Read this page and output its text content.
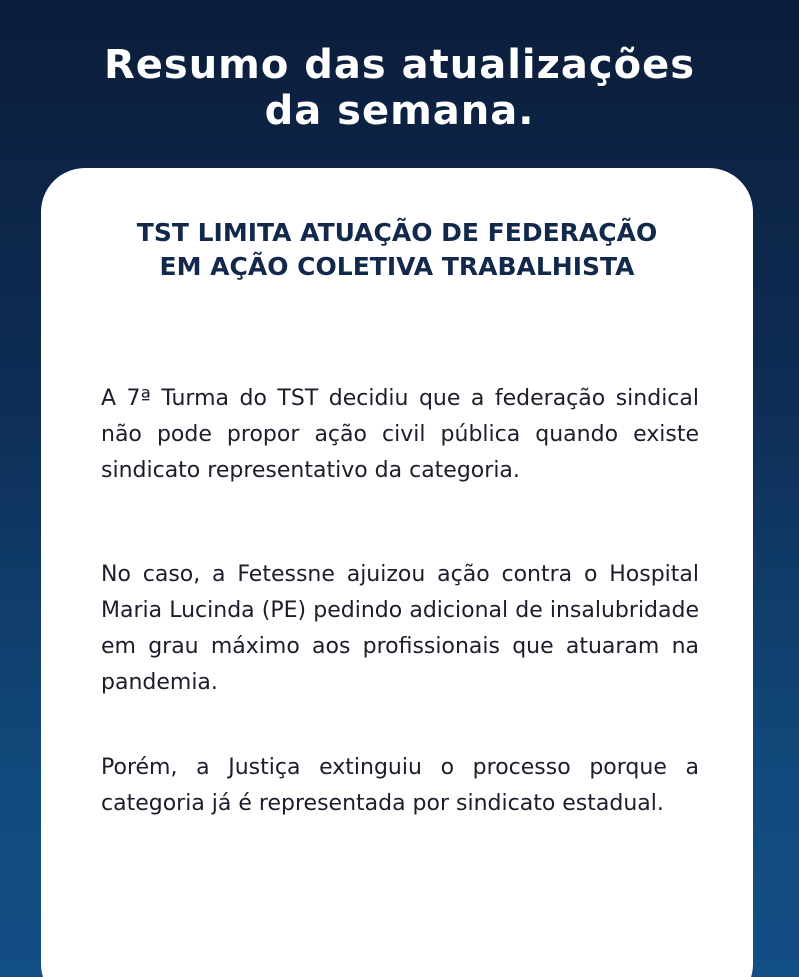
Resumo das atualizações
da semana.
TST LIMITA ATUAÇÃO DE FEDERAÇÃO
EM AÇÃO COLETIVA TRABALHISTA

A 7ª Turma do TST decidiu que a federação sindical não pode propor ação civil pública quando existe sindicato representativo da categoria.

No caso, a Fetessne ajuizou ação contra o Hospital Maria Lucinda (PE) pedindo adicional de insalubridade em grau máximo aos profissionais que atuaram na pandemia.

Porém, a Justiça extinguiu o processo porque a categoria já é representada por sindicato estadual.
